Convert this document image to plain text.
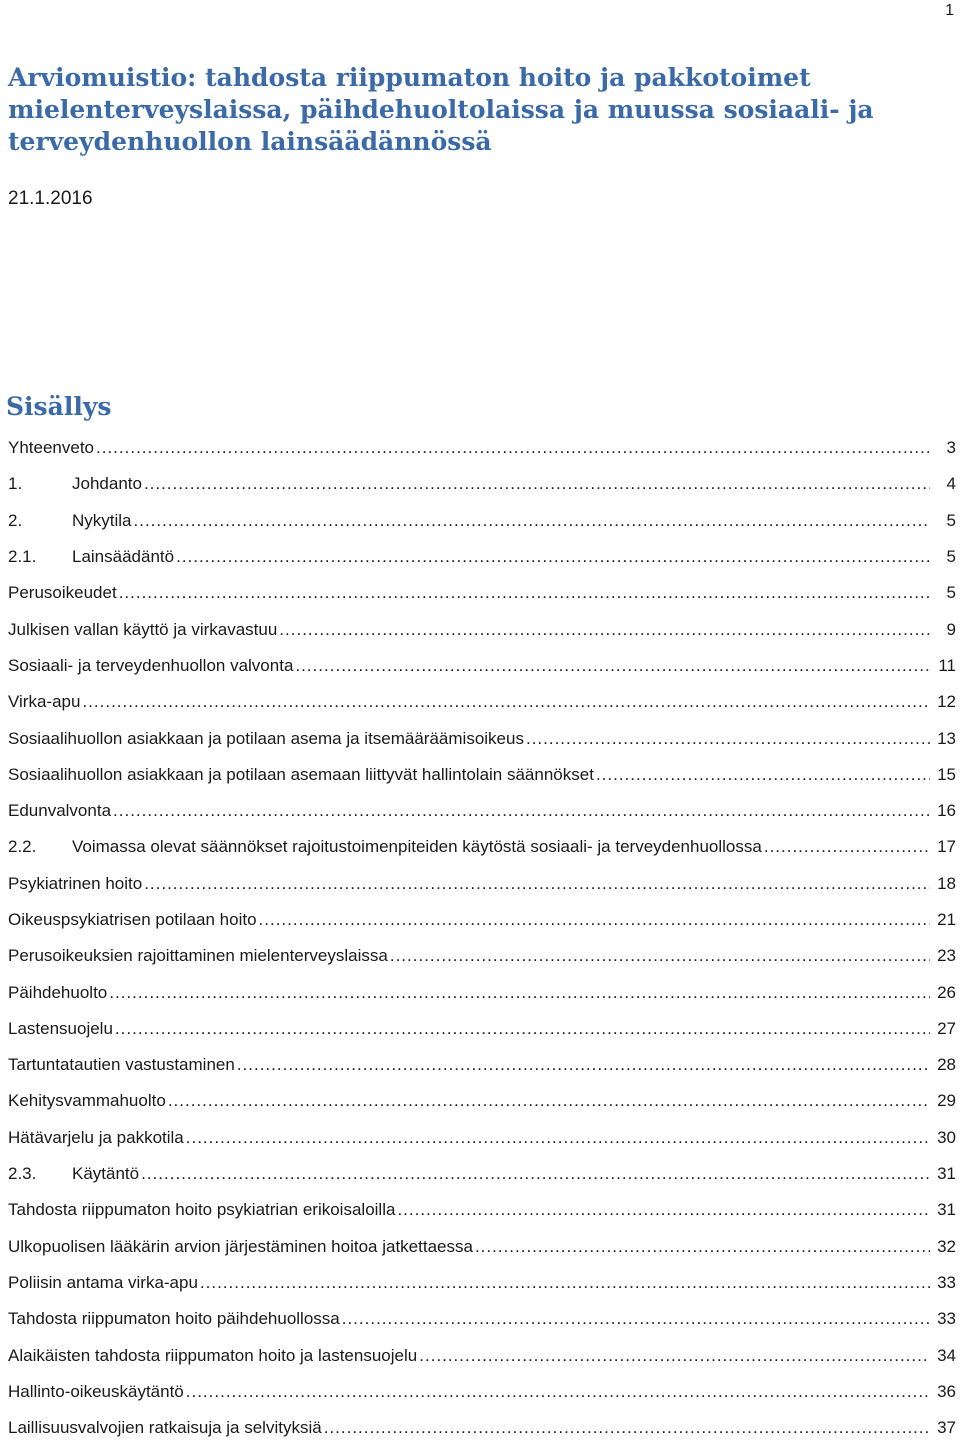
1
Arviomuistio: tahdosta riippumaton hoito ja pakkotoimet
mielenterveyslaissa, päihdehuoltolaissa ja muussa sosiaali- ja
terveydenhuollon lainsäädännössä
21.1.2016
Sisällys
Yhteenveto .....	3
1.	Johdanto .....	4
2.	Nykytila .....	5
2.1.	Lainsäädäntö .....	5
Perusoikeudet .....	5
Julkisen vallan käyttö ja virkavastuu .....	9
Sosiaali- ja terveydenhuollon valvonta .....	11
Virka-apu .....	12
Sosiaalihuollon asiakkaan ja potilaan asema ja itsemääräämisoikeus .....	13
Sosiaalihuollon asiakkaan ja potilaan asemaan liittyvät hallintolain säännökset .....	15
Edunvalvonta .....	16
2.2.	Voimassa olevat säännökset rajoitustoimenpiteiden käytöstä sosiaali- ja terveydenhuollossa .....	17
Psykiatrinen hoito .....	18
Oikeuspsykiatrisen potilaan hoito .....	21
Perusoikeuksien rajoittaminen mielenterveyslaissa .....	23
Päihdehuolto .....	26
Lastensuojelu .....	27
Tartuntatautien vastustaminen .....	28
Kehitysvammahuolto .....	29
Hätävarjelu ja pakkotila .....	30
2.3.	Käytäntö .....	31
Tahdosta riippumaton hoito psykiatrian erikoisaloilla .....	31
Ulkopuolisen lääkärin arvion järjestäminen hoitoa jatkettaessa .....	32
Poliisin antama virka-apu .....	33
Tahdosta riippumaton hoito päihdehuollossa .....	33
Alaikäisten tahdosta riippumaton hoito ja lastensuojelu .....	34
Hallinto-oikeuskäytäntö .....	36
Laillisuusvalvojien ratkaisuja ja selvityksiä .....	37
